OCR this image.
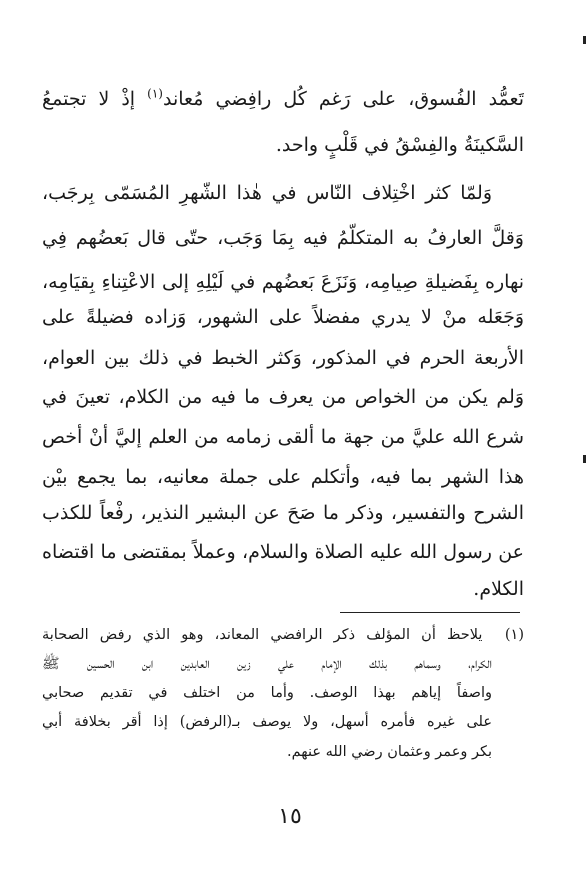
تَعمُّد الفُسوق، على رَغم كُل رافِضي مُعاند$^{(١)}$ إذْ لا تجتمعُ
السَّكينَةُ والفِسْقُ في قَلْبٍ واحد.
وَلمّا كثر اخْتِلاف النّاس في هٰذا الشّهرِ المُسَمّى بِرجَب،
وَقلَّ العارفُ به المتكلّمُ فيه بِمَا وَجَب، حتّى قال بَعضُهم فِي
نهاره بِفَضيلةِ صِيامِه، وَنَزَعَ بَعضُهم في لَيْلِهِ إلى الاعْتِناءِ بِقيَامِه،
وَجَعَله منْ لا يدري مفضلاً على الشهور، وَزاده فضيلةً على
الأربعة الحرم في المذكور، وَكثر الخبط في ذلك بين العوام،
وَلم يكن من الخواص من يعرف ما فيه من الكلام، تعينَ في
شرع الله عليَّ من جهة ما ألقى زمامه من العلم إليَّ أنْ أخص
هذا الشهر بما فيه، وأتكلم على جملة معانيه، بما يجمع بيْن
الشرح والتفسير، وذكر ما صَحَ عن البشير النذير، رفْعاً للكذب
عن رسول الله عليه الصلاة والسلام، وعملاً بمقتضى ما اقتضاه
الكلام.
(١)  يلاحظ أن المؤلف ذكر الرافضي المعاند، وهو الذي رفض الصحابة
الكرام، وسماهم بذلك الإمام علي زين العابدين ابن الحسين ﷺ
واصفاً إياهم بهذا الوصف. وأما من اختلف في تقديم صحابي
على غيره فأمره أسهل، ولا يوصف بـ(الرفض) إذا أقر بخلافة أبي
بكر وعمر وعثمان رضي الله عنهم.
١٥
